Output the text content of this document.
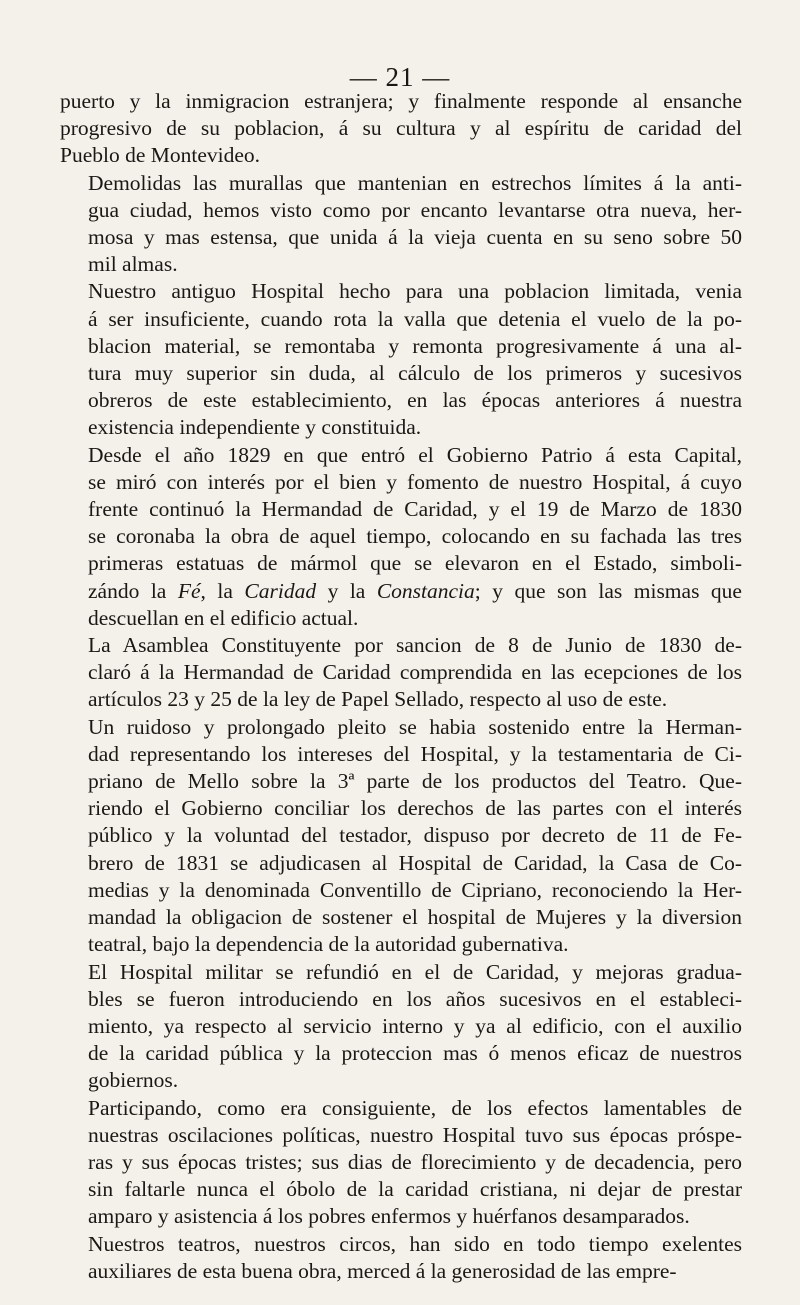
— 21 —
puerto y la inmigracion estranjera; y finalmente responde al ensanche
progresivo de su poblacion, á su cultura y al espíritu de caridad del
Pueblo de Montevideo.
Demolidas las murallas que mantenian en estrechos límites á la anti-
gua ciudad, hemos visto como por encanto levantarse otra nueva, her-
mosa y mas estensa, que unida á la vieja cuenta en su seno sobre 50
mil almas.
Nuestro antiguo Hospital hecho para una poblacion limitada, venia
á ser insuficiente, cuando rota la valla que detenia el vuelo de la po-
blacion material, se remontaba y remonta progresivamente á una al-
tura muy superior sin duda, al cálculo de los primeros y sucesivos
obreros de este establecimiento, en las épocas anteriores á nuestra
existencia independiente y constituida.
Desde el año 1829 en que entró el Gobierno Patrio á esta Capital,
se miró con interés por el bien y fomento de nuestro Hospital, á cuyo
frente continuó la Hermandad de Caridad, y el 19 de Marzo de 1830
se coronaba la obra de aquel tiempo, colocando en su fachada las tres
primeras estatuas de mármol que se elevaron en el Estado, simboli-
zándo la Fé, la Caridad y la Constancia; y que son las mismas que
descuellan en el edificio actual.
La Asamblea Constituyente por sancion de 8 de Junio de 1830 de-
claró á la Hermandad de Caridad comprendida en las ecepciones de los
artículos 23 y 25 de la ley de Papel Sellado, respecto al uso de este.
Un ruidoso y prolongado pleito se habia sostenido entre la Herman-
dad representando los intereses del Hospital, y la testamentaria de Ci-
priano de Mello sobre la 3ª parte de los productos del Teatro. Que-
riendo el Gobierno conciliar los derechos de las partes con el interés
público y la voluntad del testador, dispuso por decreto de 11 de Fe-
brero de 1831 se adjudicasen al Hospital de Caridad, la Casa de Co-
medias y la denominada Conventillo de Cipriano, reconociendo la Her-
mandad la obligacion de sostener el hospital de Mujeres y la diversion
teatral, bajo la dependencia de la autoridad gubernativa.
El Hospital militar se refundió en el de Caridad, y mejoras gradua-
bles se fueron introduciendo en los años sucesivos en el estableci-
miento, ya respecto al servicio interno y ya al edificio, con el auxilio
de la caridad pública y la proteccion mas ó menos eficaz de nuestros
gobiernos.
Participando, como era consiguiente, de los efectos lamentables de
nuestras oscilaciones políticas, nuestro Hospital tuvo sus épocas próspe-
ras y sus épocas tristes; sus dias de florecimiento y de decadencia, pero
sin faltarle nunca el óbolo de la caridad cristiana, ni dejar de prestar
amparo y asistencia á los pobres enfermos y huérfanos desamparados.
Nuestros teatros, nuestros circos, han sido en todo tiempo exelentes
auxiliares de esta buena obra, merced á la generosidad de las empre-
